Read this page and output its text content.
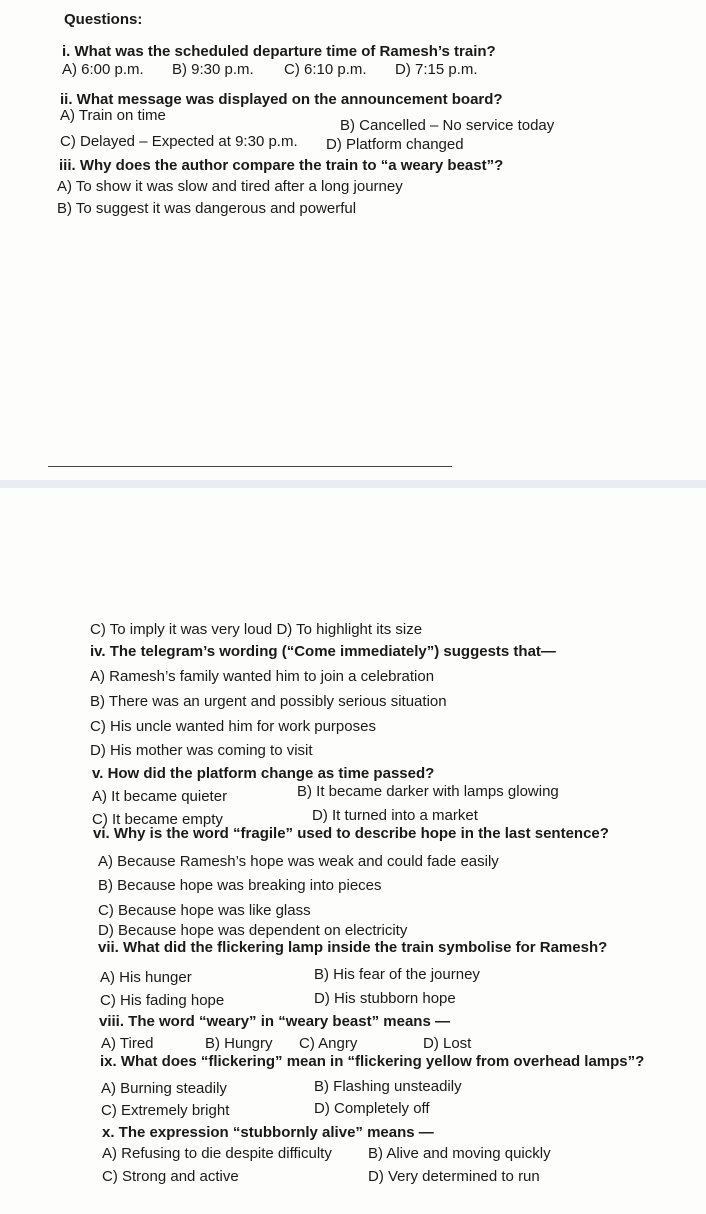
Questions:
i. What was the scheduled departure time of Ramesh’s train?
A) 6:00 p.m. B) 9:30 p.m. C) 6:10 p.m. D) 7:15 p.m.
ii. What message was displayed on the announcement board?
A) Train on time
B) Cancelled – No service today
C) Delayed – Expected at 9:30 p.m. D) Platform changed
iii. Why does the author compare the train to “a weary beast”?
A) To show it was slow and tired after a long journey
B) To suggest it was dangerous and powerful
C) To imply it was very loud D) To highlight its size
iv. The telegram’s wording (“Come immediately”) suggests that—
A) Ramesh’s family wanted him to join a celebration
B) There was an urgent and possibly serious situation
C) His uncle wanted him for work purposes
D) His mother was coming to visit
v. How did the platform change as time passed?
A) It became quieter	B) It became darker with lamps glowing
C) It became empty	D) It turned into a market
vi. Why is the word “fragile” used to describe hope in the last sentence?
A) Because Ramesh’s hope was weak and could fade easily
B) Because hope was breaking into pieces
C) Because hope was like glass
D) Because hope was dependent on electricity
vii. What did the flickering lamp inside the train symbolise for Ramesh?
A) His hunger	B) His fear of the journey
C) His fading hope	D) His stubborn hope
viii. The word “weary” in “weary beast” means —
A) Tired	B) Hungry C) Angry	D) Lost
ix. What does “flickering” mean in “flickering yellow from overhead lamps”?
A) Burning steadily	B) Flashing unsteadily
C) Extremely bright	D) Completely off
x. The expression “stubbornly alive” means —
A) Refusing to die despite difficulty B) Alive and moving quickly
C) Strong and active	D) Very determined to run
